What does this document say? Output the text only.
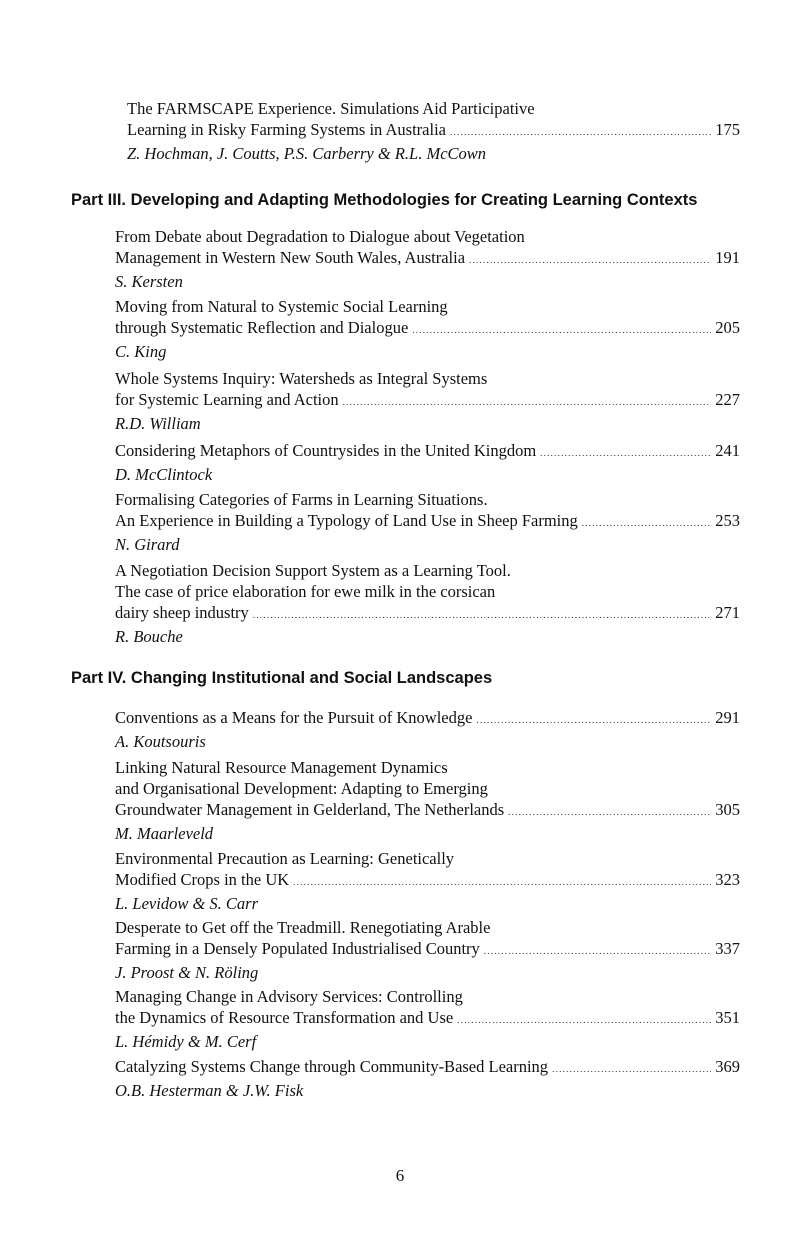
The FARMSCAPE Experience. Simulations Aid Participative
Learning in Risky Farming Systems in Australia . . .	175
Z. Hochman, J. Coutts, P.S. Carberry & R.L. McCown
Part III. Developing and Adapting Methodologies for Creating Learning Contexts
From Debate about Degradation to Dialogue about Vegetation
Management in Western New South Wales, Australia . . .	191
S. Kersten
Moving from Natural to Systemic Social Learning
through Systematic Reflection and Dialogue . . .	205
C. King
Whole Systems Inquiry: Watersheds as Integral Systems
for Systemic Learning and Action . . .	227
R.D. William
Considering Metaphors of Countrysides in the United Kingdom . . .	241
D. McClintock
Formalising Categories of Farms in Learning Situations.
An Experience in Building a Typology of Land Use in Sheep Farming . . .	253
N. Girard
A Negotiation Decision Support System as a Learning Tool.
The case of price elaboration for ewe milk in the corsican
dairy sheep industry . . .	271
R. Bouche
Part IV. Changing Institutional and Social Landscapes
Conventions as a Means for the Pursuit of Knowledge . . .	291
A. Koutsouris
Linking Natural Resource Management Dynamics
and Organisational Development: Adapting to Emerging
Groundwater Management in Gelderland, The Netherlands . . .	305
M. Maarleveld
Environmental Precaution as Learning: Genetically
Modified Crops in the UK . . .	323
L. Levidow & S. Carr
Desperate to Get off the Treadmill. Renegotiating Arable
Farming in a Densely Populated Industrialised Country . . .	337
J. Proost & N. Röling
Managing Change in Advisory Services: Controlling
the Dynamics of Resource Transformation and Use . . .	351
L. Hémidy & M. Cerf
Catalyzing Systems Change through Community-Based Learning . . .	369
O.B. Hesterman & J.W. Fisk
6
